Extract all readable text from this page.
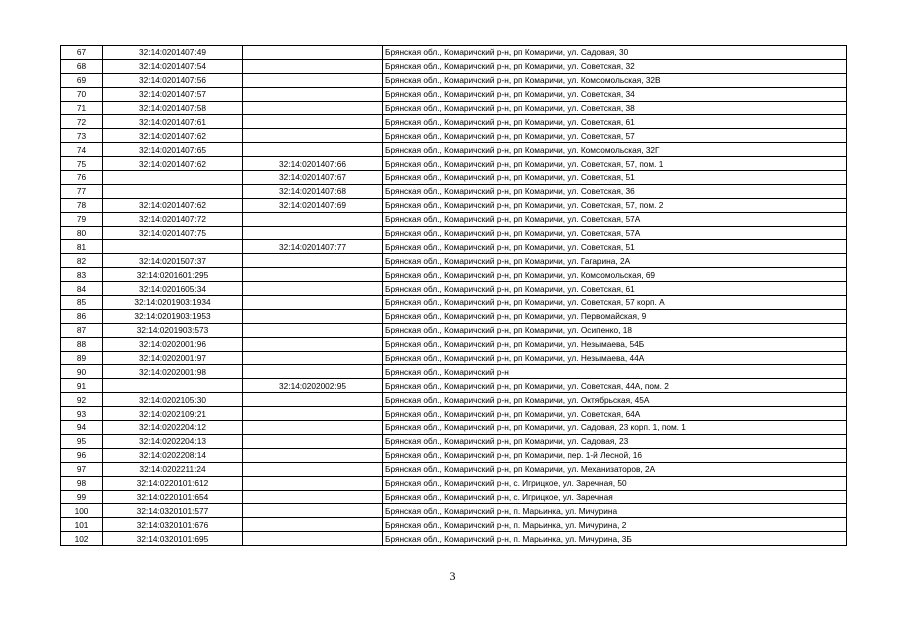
67	32:14:0201407:49		Брянская обл., Комаричский р-н, рп Комаричи, ул. Садовая, 30
68	32:14:0201407:54		Брянская обл., Комаричский р-н, рп Комаричи, ул. Советская, 32
69	32:14:0201407:56		Брянская обл., Комаричский р-н, рп Комаричи, ул. Комсомольская, 32В
70	32:14:0201407:57		Брянская обл., Комаричский р-н, рп Комаричи, ул. Советская, 34
71	32:14:0201407:58		Брянская обл., Комаричский р-н, рп Комаричи, ул. Советская, 38
72	32:14:0201407:61		Брянская обл., Комаричский р-н, рп Комаричи, ул. Советская, 61
73	32:14:0201407:62		Брянская обл., Комаричский р-н, рп Комаричи, ул. Советская, 57
74	32:14:0201407:65		Брянская обл., Комаричский р-н, рп Комаричи, ул. Комсомольская, 32Г
75	32:14:0201407:62	32:14:0201407:66	Брянская обл., Комаричский р-н, рп Комаричи, ул. Советская, 57, пом. 1
76		32:14:0201407:67	Брянская обл., Комаричский р-н, рп Комаричи, ул. Советская, 51
77		32:14:0201407:68	Брянская обл., Комаричский р-н, рп Комаричи, ул. Советская, 36
78	32:14:0201407:62	32:14:0201407:69	Брянская обл., Комаричский р-н, рп Комаричи, ул. Советская, 57, пом. 2
79	32:14:0201407:72		Брянская обл., Комаричский р-н, рп Комаричи, ул. Советская, 57А
80	32:14:0201407:75		Брянская обл., Комаричский р-н, рп Комаричи, ул. Советская, 57А
81		32:14:0201407:77	Брянская обл., Комаричский р-н, рп Комаричи, ул. Советская, 51
82	32:14:0201507:37		Брянская обл., Комаричский р-н, рп Комаричи, ул. Гагарина, 2А
83	32:14:0201601:295		Брянская обл., Комаричский р-н, рп Комаричи, ул. Комсомольская, 69
84	32:14:0201605:34		Брянская обл., Комаричский р-н, рп Комаричи, ул. Советская, 61
85	32:14:0201903:1934		Брянская обл., Комаричский р-н, рп Комаричи, ул. Советская, 57 корп. А
86	32:14:0201903:1953		Брянская обл., Комаричский р-н, рп Комаричи, ул. Первомайская, 9
87	32:14:0201903:573		Брянская обл., Комаричский р-н, рп Комаричи, ул. Осипенко, 18
88	32:14:0202001:96		Брянская обл., Комаричский р-н, рп Комаричи, ул. Незымаева, 54Б
89	32:14:0202001:97		Брянская обл., Комаричский р-н, рп Комаричи, ул. Незымаева, 44А
90	32:14:0202001:98		Брянская обл., Комаричский р-н
91		32:14:0202002:95	Брянская обл., Комаричский р-н, рп Комаричи, ул. Советская, 44А, пом. 2
92	32:14:0202105:30		Брянская обл., Комаричский р-н, рп Комаричи, ул. Октябрьская, 45А
93	32:14:0202109:21		Брянская обл., Комаричский р-н, рп Комаричи, ул. Советская, 64А
94	32:14:0202204:12		Брянская обл., Комаричский р-н, рп Комаричи, ул. Садовая, 23 корп. 1, пом. 1
95	32:14:0202204:13		Брянская обл., Комаричский р-н, рп Комаричи, ул. Садовая, 23
96	32:14:0202208:14		Брянская обл., Комаричский р-н, рп Комаричи, пер. 1-й Лесной, 16
97	32:14:0202211:24		Брянская обл., Комаричский р-н, рп Комаричи, ул. Механизаторов, 2А
98	32:14:0220101:612		Брянская обл., Комаричский р-н, с. Игрицкое, ул. Заречная, 50
99	32:14:0220101:654		Брянская обл., Комаричский р-н, с. Игрицкое, ул. Заречная
100	32:14:0320101:577		Брянская обл., Комаричский р-н, п. Марьинка, ул. Мичурина
101	32:14:0320101:676		Брянская обл., Комаричский р-н, п. Марьинка, ул. Мичурина, 2
102	32:14:0320101:695		Брянская обл., Комаричский р-н, п. Марьинка, ул. Мичурина, 3Б
3
